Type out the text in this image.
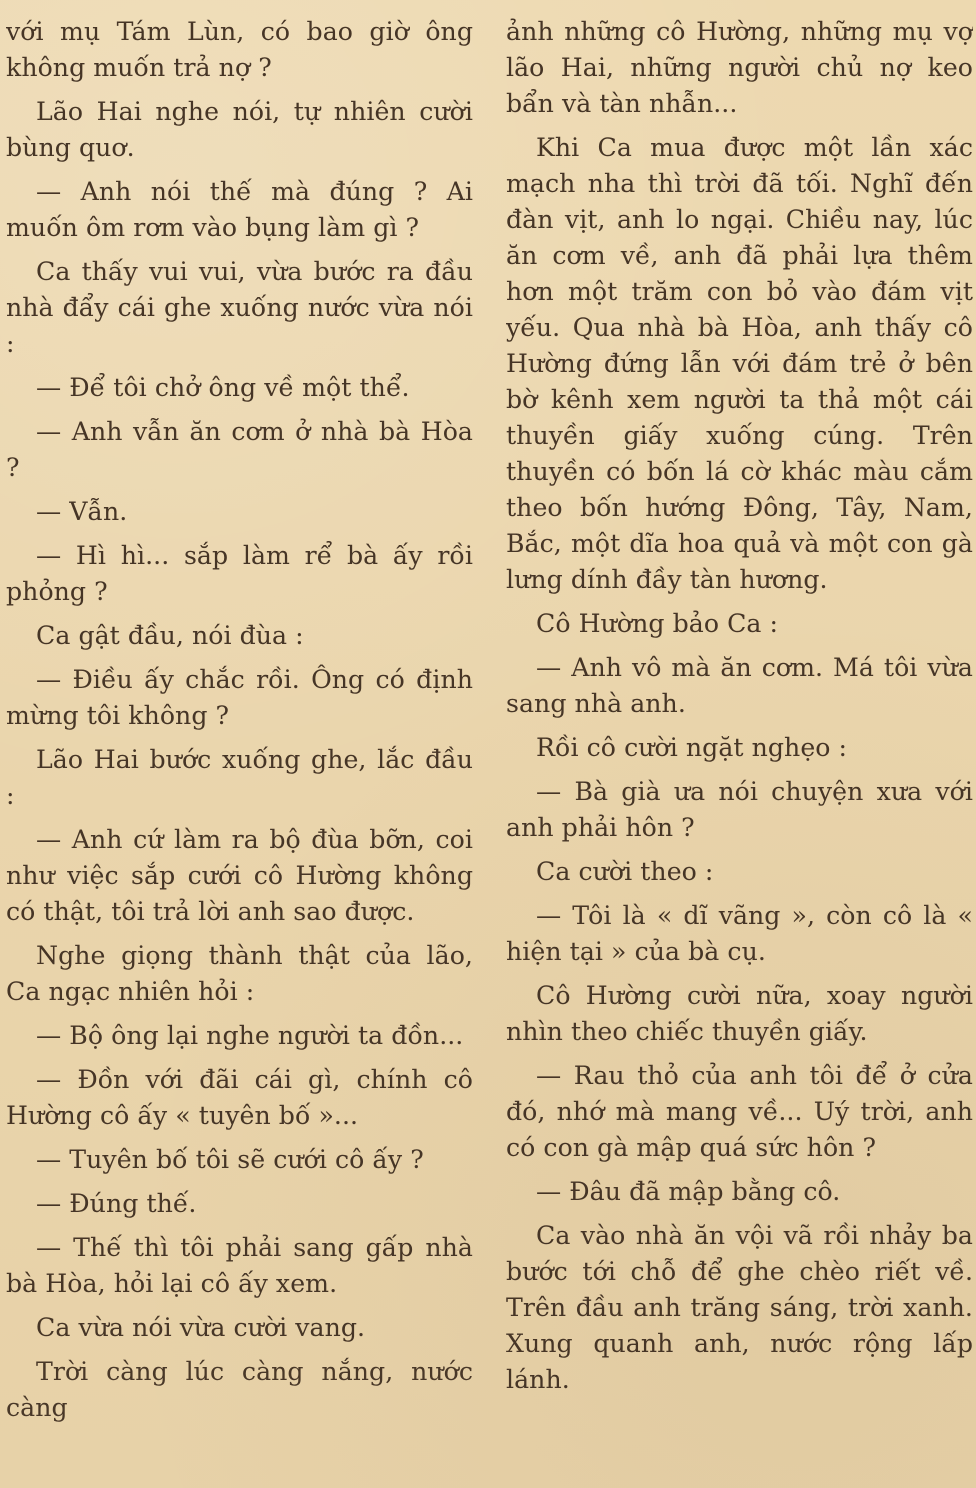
với mụ Tám Lùn, có bao giờ ông không muốn trả nợ ?

Lão Hai nghe nói, tự nhiên cười bùng quơ.

— Anh nói thế mà đúng ? Ai muốn ôm rơm vào bụng làm gì ?

Ca thấy vui vui, vừa bước ra đầu nhà đẩy cái ghe xuống nước vừa nói :

— Để tôi chở ông về một thể.

— Anh vẫn ăn cơm ở nhà bà Hòa ?

— Vẫn.

— Hì hì... sắp làm rể bà ấy rồi phỏng ?

Ca gật đầu, nói đùa :

— Điều ấy chắc rồi. Ông có định mừng tôi không ?

Lão Hai bước xuống ghe, lắc đầu :

— Anh cứ làm ra bộ đùa bỡn, coi như việc sắp cưới cô Hường không có thật, tôi trả lời anh sao được.

Nghe giọng thành thật của lão, Ca ngạc nhiên hỏi :

— Bộ ông lại nghe người ta đồn...

— Đồn với đãi cái gì, chính cô Hường cô ấy « tuyên bố »...

— Tuyên bố tôi sẽ cưới cô ấy ?

— Đúng thế.

— Thế thì tôi phải sang gấp nhà bà Hòa, hỏi lại cô ấy xem.

Ca vừa nói vừa cười vang.

Trời càng lúc càng nắng, nước càng

ảnh những cô Hường, những mụ vợ lão Hai, những người chủ nợ keo bẩn và tàn nhẫn...

Khi Ca mua được một lần xác mạch nha thì trời đã tối. Nghĩ đến đàn vịt, anh lo ngại. Chiều nay, lúc ăn cơm về, anh đã phải lựa thêm hơn một trăm con bỏ vào đám vịt yếu. Qua nhà bà Hòa, anh thấy cô Hường đứng lẫn với đám trẻ ở bên bờ kênh xem người ta thả một cái thuyền giấy xuống cúng. Trên thuyền có bốn lá cờ khác màu cắm theo bốn hướng Đông, Tây, Nam, Bắc, một dĩa hoa quả và một con gà lưng dính đầy tàn hương.

Cô Hường bảo Ca :

— Anh vô mà ăn cơm. Má tôi vừa sang nhà anh.

Rồi cô cười ngặt nghẹo :

— Bà già ưa nói chuyện xưa với anh phải hôn ?

Ca cười theo :

— Tôi là « dĩ vãng », còn cô là « hiện tại » của bà cụ.

Cô Hường cười nữa, xoay người nhìn theo chiếc thuyền giấy.

— Rau thỏ của anh tôi để ở cửa đó, nhớ mà mang về... Uý trời, anh có con gà mập quá sức hôn ?

— Đâu đã mập bằng cô.

Ca vào nhà ăn vội vã rồi nhảy ba bước tới chỗ để ghe chèo riết về. Trên đầu anh trăng sáng, trời xanh. Xung quanh anh, nước rộng lấp lánh.
